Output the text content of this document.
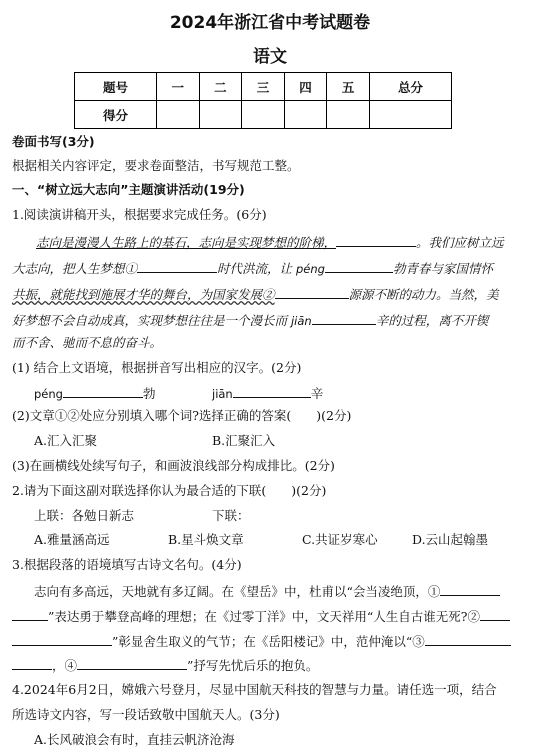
2024年浙江省中考试题卷
语文
题号	一	二	三	四	五	总分
得分						
卷面书写(3分)
根据相关内容评定，要求卷面整洁，书写规范工整。
一、“树立远大志向”主题演讲活动(19分)
1.阅读演讲稿开头，根据要求完成任务。(6分)
志向是漫漫人生路上的基石，志向是实现梦想的阶梯，	。我们应树立远
大志向，把人生梦想①	时代洪流，让 péng	勃青春与家国情怀
共振，就能找到施展才华的舞台，为国家发展②	源源不断的动力。当然，美
好梦想不会自动成真，实现梦想往往是一个漫长而 jiān	辛的过程，离不开锲
而不舍、驰而不息的奋斗。
(1) 结合上文语境，根据拼音写出相应的汉字。(2分)
péng	勃	jiān	辛
(2)文章①②处应分别填入哪个词?选择正确的答案(　　)(2分)
A.汇入汇聚	B.汇聚汇入
(3)在画横线处续写句子，和画波浪线部分构成排比。(2分)
2.请为下面这副对联选择你认为最合适的下联(　　)(2分)
上联：各勉日新志	下联：
A.雅量涵高远	B.星斗焕文章	C.共证岁寒心	D.云山起翰墨
3.根据段落的语境填写古诗文名句。(4分)
志向有多高远，天地就有多辽阔。在《望岳》中，杜甫以“会当凌绝顶，①
”表达勇于攀登高峰的理想；在《过零丁洋》中，文天祥用“人生自古谁无死?②
”彰显舍生取义的气节；在《岳阳楼记》中，范仲淹以“③
，④	”抒写先忧后乐的抱负。
4.2024年6月2日，嫦娥六号登月，尽显中国航天科技的智慧与力量。请任选一项，结合
所选诗文内容，写一段话致敬中国航天人。(3分)
A.长风破浪会有时，直挂云帆济沧海
